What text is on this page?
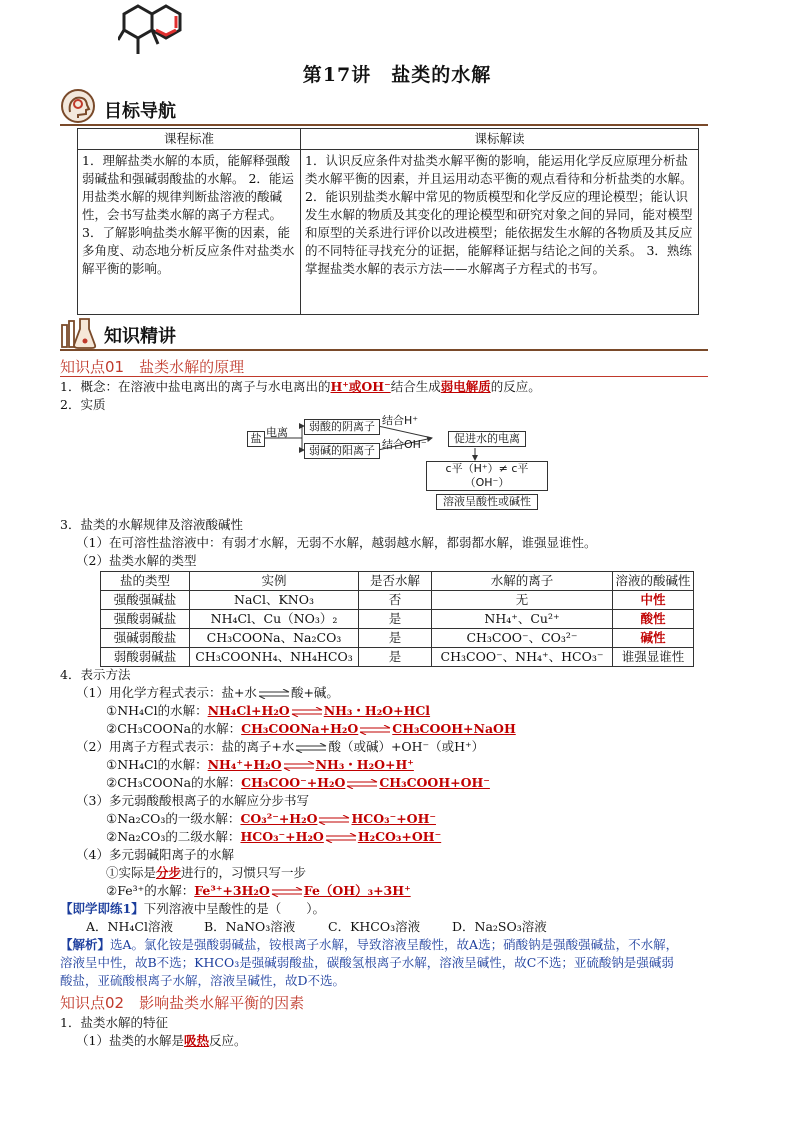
第17讲　盐类的水解
目标导航
课程标准	课标解读

1．理解盐类水解的本质，能解释强酸弱碱盐和强碱弱酸盐的水解。 2．能运用盐类水解的规律判断盐溶液的酸碱性，会书写盐类水解的离子方程式。 3．了解影响盐类水解平衡的因素，能多角度、动态地分析反应条件对盐类水解平衡的影响。	1．认识反应条件对盐类水解平衡的影响，能运用化学反应原理分析盐类水解平衡的因素，并且运用动态平衡的观点看待和分析盐类的水解。 2．能识别盐类水解中常见的物质模型和化学反应的理论模型；能认识发生水解的物质及其变化的理论模型和研究对象之间的异同，能对模型和原型的关系进行评价以改进模型；能依据发生水解的各物质及其反应的不同特征寻找充分的证据，能解释证据与结论之间的关系。 3．熟练掌握盐类水解的表示方法——水解离子方程式的书写。
知识精讲
知识点01　盐类水解的原理
1．概念：在溶液中盐电离出的离子与水电离出的H⁺或OH⁻结合生成弱电解质的反应。
2．实质
盐 电离	弱酸的阴离子
弱碱的阳离子
结合H⁺
结合OH⁻	促进水的电离
c平（H⁺）≠ c平（OH⁻）
溶液呈酸性或碱性
3．盐类的水解规律及溶液酸碱性
（1）在可溶性盐溶液中：有弱才水解，无弱不水解，越弱越水解，都弱都水解，谁强显谁性。
（2）盐类水解的类型
盐的类型	实例	是否水解	水解的离子	溶液的酸碱性
强酸强碱盐	NaCl、KNO₃	否	无	中性
强酸弱碱盐	NH₄Cl、Cu（NO₃）₂	是	NH₄⁺、Cu²⁺	酸性
强碱弱酸盐	CH₃COONa、Na₂CO₃	是	CH₃COO⁻、CO₃²⁻	碱性
弱酸弱碱盐	CH₃COONH₄、NH₄HCO₃	是	CH₃COO⁻、NH₄⁺、HCO₃⁻	谁强显谁性
4．表示方法
（1）用化学方程式表示：盐+水⇌酸+碱。
①NH₄Cl的水解：NH₄Cl+H₂O⇌NH₃・H₂O+HCl
②CH₃COONa的水解：CH₃COONa+H₂O⇌CH₃COOH+NaOH
（2）用离子方程式表示：盐的离子+水⇌酸（或碱）+OH⁻（或H⁺）
①NH₄Cl的水解：NH₄⁺+H₂O⇌NH₃・H₂O+H⁺
②CH₃COONa的水解：CH₃COO⁻+H₂O⇌CH₃COOH+OH⁻
（3）多元弱酸酸根离子的水解应分步书写
①Na₂CO₃的一级水解：CO₃²⁻+H₂O⇌HCO₃⁻+OH⁻
②Na₂CO₃的二级水解：HCO₃⁻+H₂O⇌H₂CO₃+OH⁻
（4）多元弱碱阳离子的水解
①实际是分步进行的，习惯只写一步
②Fe³⁺的水解：Fe³⁺+3H₂O⇌Fe（OH）₃+3H⁺
【即学即练1】下列溶液中呈酸性的是（　　）。
A．NH₄Cl溶液 B．NaNO₃溶液	C．KHCO₃溶液	D．Na₂SO₃溶液
【解析】选A。氯化铵是强酸弱碱盐，铵根离子水解，导致溶液呈酸性，故A选；硝酸钠是强酸强碱盐，不水解，
溶液呈中性，故B不选；KHCO₃是强碱弱酸盐，碳酸氢根离子水解，溶液呈碱性，故C不选；亚硫酸钠是强碱弱
酸盐，亚硫酸根离子水解，溶液呈碱性，故D不选。
知识点02　影响盐类水解平衡的因素
1．盐类水解的特征
（1）盐类的水解是吸热反应。
